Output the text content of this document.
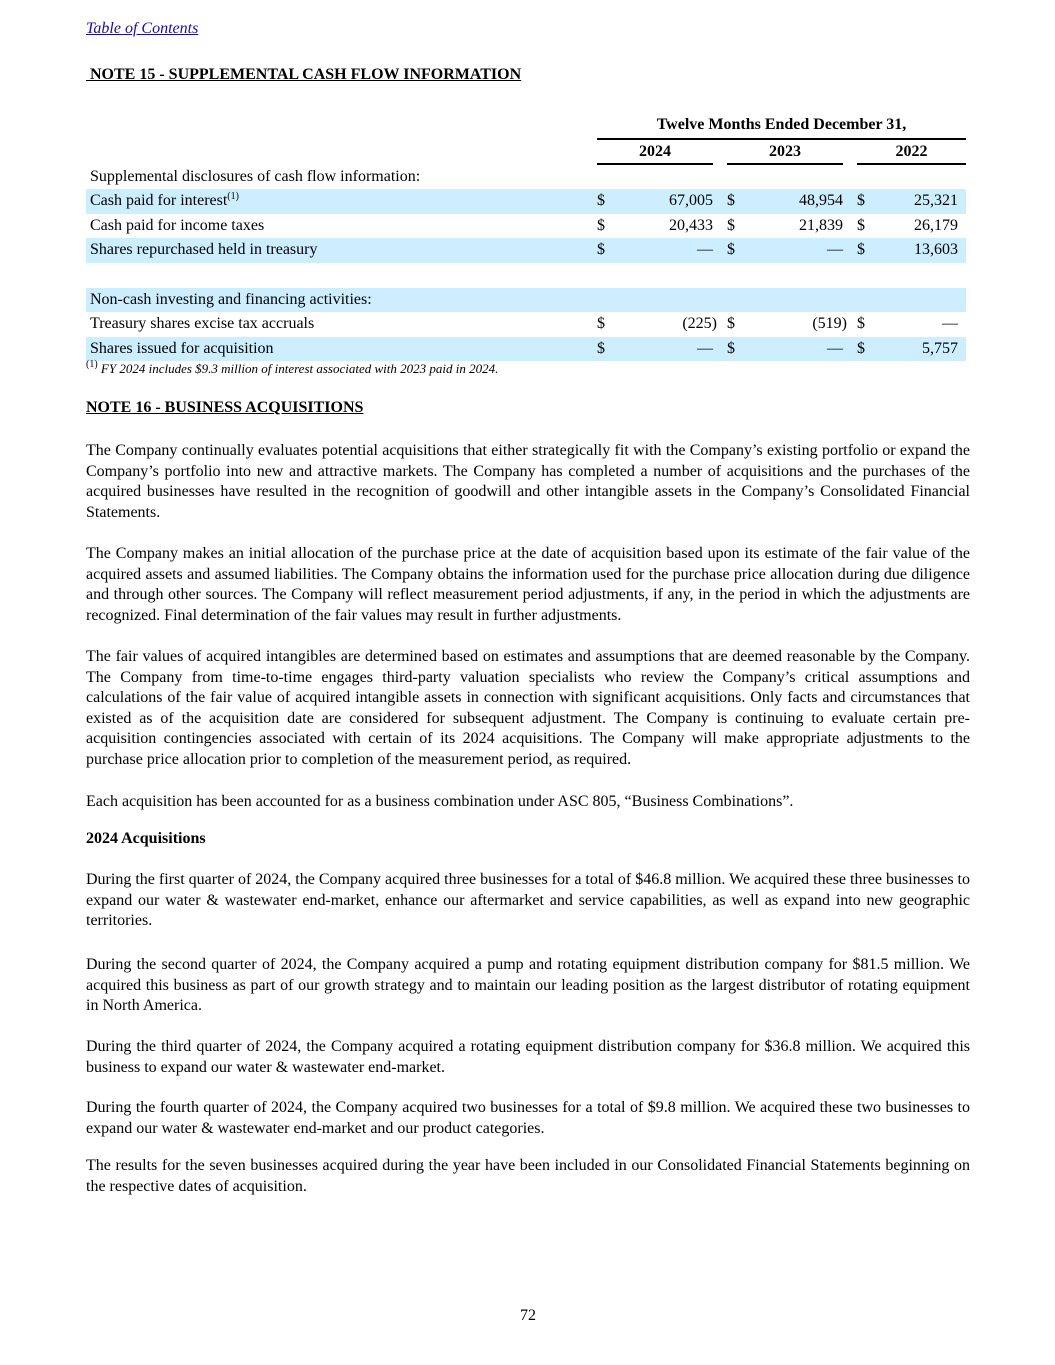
Table of Contents
NOTE 15 - SUPPLEMENTAL CASH FLOW INFORMATION
	Twelve Months Ended December 31,							
	2024			2023			2022	
Supplemental disclosures of cash flow information:								
Cash paid for interest$^{(1)}$	$	67,005		$	48,954		$	25,321
Cash paid for income taxes	$	20,433		$	21,839		$	26,179
Shares repurchased held in treasury	$	—		$	—		$	13,603

Non-cash investing and financing activities:								
Treasury shares excise tax accruals	$	(225)		$	(519)		$	—
Shares issued for acquisition	$	—		$	—		$	5,757
$^{(1)}$ FY 2024 includes $9.3 million of interest associated with 2023 paid in 2024.
NOTE 16 - BUSINESS ACQUISITIONS

The Company continually evaluates potential acquisitions that either strategically fit with the Company’s existing portfolio or expand the Company’s portfolio into new and attractive markets. The Company has completed a number of acquisitions and the purchases of the acquired businesses have resulted in the recognition of goodwill and other intangible assets in the Company’s Consolidated Financial Statements.

The Company makes an initial allocation of the purchase price at the date of acquisition based upon its estimate of the fair value of the acquired assets and assumed liabilities. The Company obtains the information used for the purchase price allocation during due diligence and through other sources. The Company will reflect measurement period adjustments, if any, in the period in which the adjustments are recognized. Final determination of the fair values may result in further adjustments.

The fair values of acquired intangibles are determined based on estimates and assumptions that are deemed reasonable by the Company. The Company from time-to-time engages third-party valuation specialists who review the Company’s critical assumptions and calculations of the fair value of acquired intangible assets in connection with significant acquisitions. Only facts and circumstances that existed as of the acquisition date are considered for subsequent adjustment. The Company is continuing to evaluate certain pre-acquisition contingencies associated with certain of its 2024 acquisitions. The Company will make appropriate adjustments to the purchase price allocation prior to completion of the measurement period, as required.

Each acquisition has been accounted for as a business combination under ASC 805, “Business Combinations”.

2024 Acquisitions

During the first quarter of 2024, the Company acquired three businesses for a total of $46.8 million. We acquired these three businesses to expand our water & wastewater end-market, enhance our aftermarket and service capabilities, as well as expand into new geographic territories.

During the second quarter of 2024, the Company acquired a pump and rotating equipment distribution company for $81.5 million. We acquired this business as part of our growth strategy and to maintain our leading position as the largest distributor of rotating equipment in North America.

During the third quarter of 2024, the Company acquired a rotating equipment distribution company for $36.8 million. We acquired this business to expand our water & wastewater end-market.

During the fourth quarter of 2024, the Company acquired two businesses for a total of $9.8 million. We acquired these two businesses to expand our water & wastewater end-market and our product categories.

The results for the seven businesses acquired during the year have been included in our Consolidated Financial Statements beginning on the respective dates of acquisition.

72
